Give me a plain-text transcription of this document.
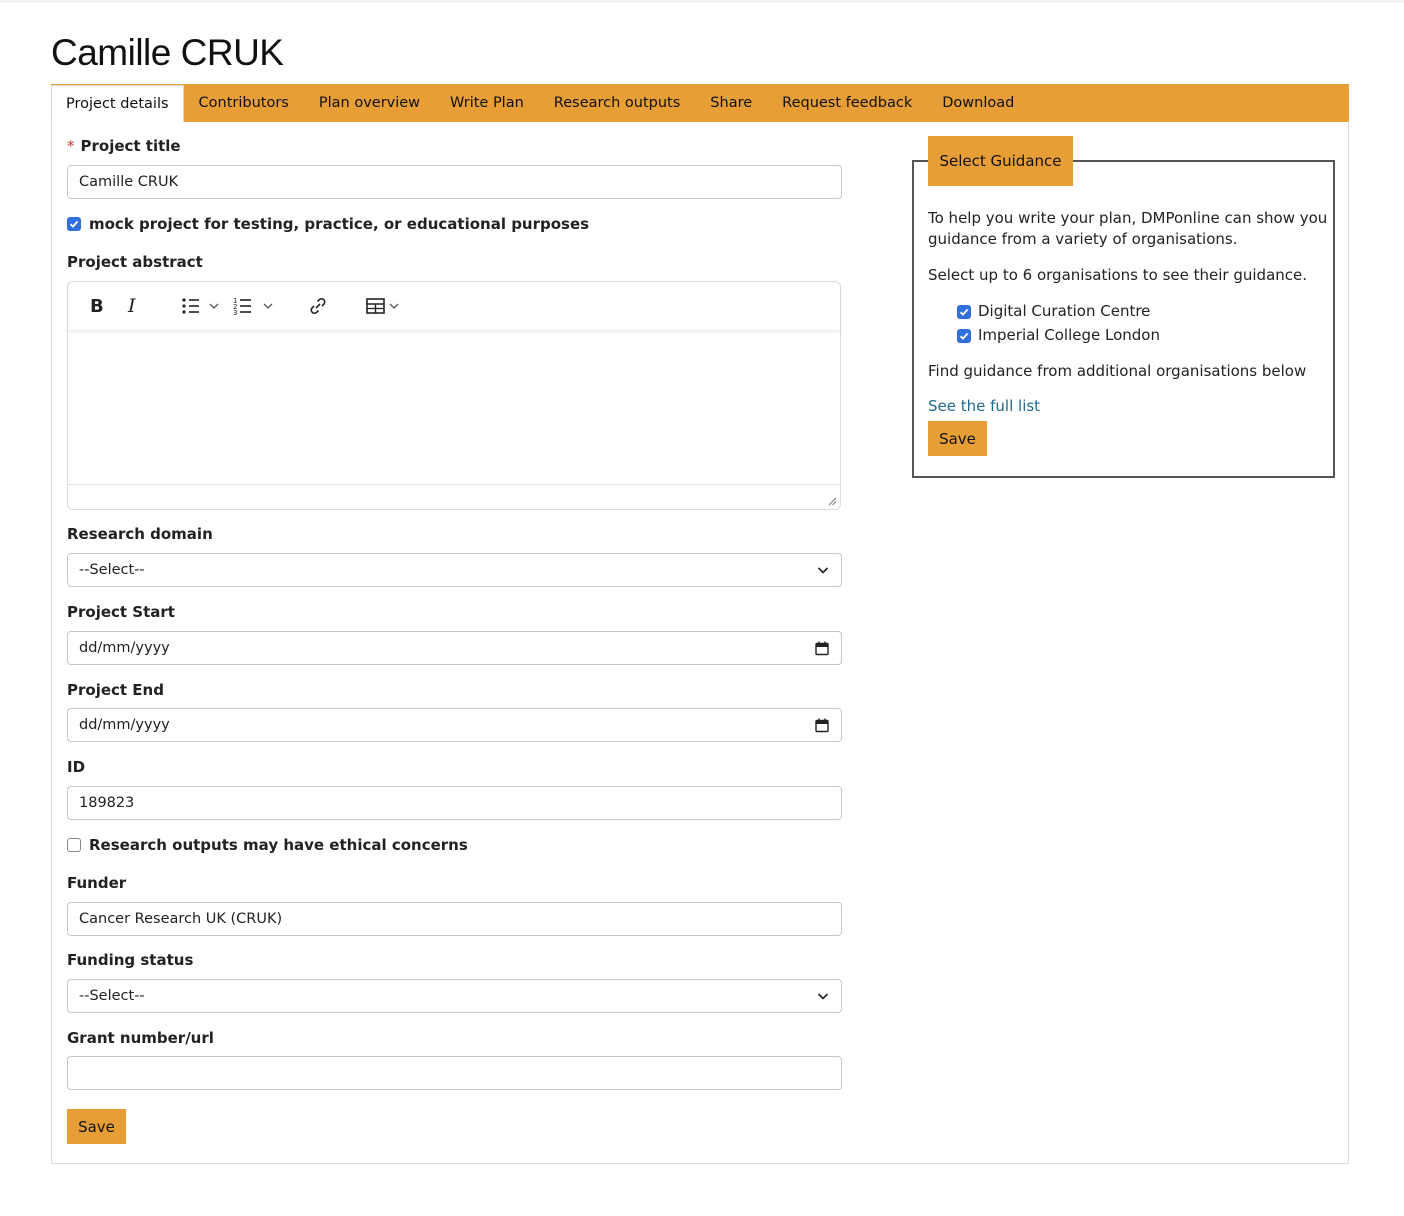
Camille CRUK
Project details	Contributors	Plan overview	Write Plan	Research outputs	Share	Request feedback	Download
* Project title
Camille CRUK
mock project for testing, practice, or educational purposes
Project abstract
B I	1
2
3
Research domain
--Select--
Project Start
dd/mm/yyyy
Project End
dd/mm/yyyy
ID
189823
Research outputs may have ethical concerns
Funder
Cancer Research UK (CRUK)
Funding status
--Select--
Grant number/url
Save
Select Guidance
To help you write your plan, DMPonline can show you
guidance from a variety of organisations.
Select up to 6 organisations to see their guidance.
Digital Curation Centre
Imperial College London
Find guidance from additional organisations below
See the full list
Save
